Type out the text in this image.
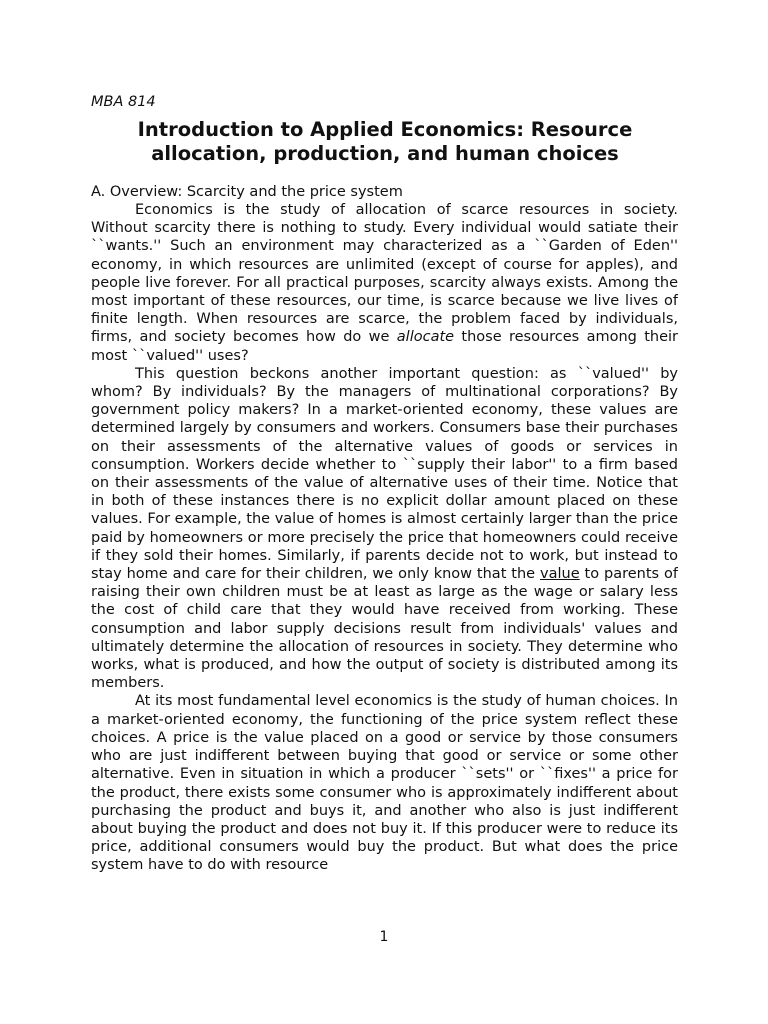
MBA 814

Introduction to Applied Economics: Resource allocation, production, and human choices

A. Overview: Scarcity and the price system

Economics is the study of allocation of scarce resources in society. Without scarcity there is nothing to study. Every individual would satiate their ``wants.'' Such an environment may characterized as a ``Garden of Eden'' economy, in which resources are unlimited (except of course for apples), and people live forever. For all practical purposes, scarcity always exists. Among the most important of these resources, our time, is scarce because we live lives of finite length. When resources are scarce, the problem faced by individuals, firms, and society becomes how do we allocate those resources among their most ``valued'' uses?

This question beckons another important question: as ``valued'' by whom? By individuals? By the managers of multinational corporations? By government policy makers? In a market-oriented economy, these values are determined largely by consumers and workers. Consumers base their purchases on their assessments of the alternative values of goods or services in consumption. Workers decide whether to ``supply their labor'' to a firm based on their assessments of the value of alternative uses of their time. Notice that in both of these instances there is no explicit dollar amount placed on these values. For example, the value of homes is almost certainly larger than the price paid by homeowners or more precisely the price that homeowners could receive if they sold their homes. Similarly, if parents decide not to work, but instead to stay home and care for their children, we only know that the value to parents of raising their own children must be at least as large as the wage or salary less the cost of child care that they would have received from working. These consumption and labor supply decisions result from individuals' values and ultimately determine the allocation of resources in society. They determine who works, what is produced, and how the output of society is distributed among its members.

At its most fundamental level economics is the study of human choices. In a market-oriented economy, the functioning of the price system reflect these choices. A price is the value placed on a good or service by those consumers who are just indifferent between buying that good or service or some other alternative. Even in situation in which a producer ``sets'' or ``fixes'' a price for the product, there exists some consumer who is approximately indifferent about purchasing the product and buys it, and another who also is just indifferent about buying the product and does not buy it. If this producer were to reduce its price, additional consumers would buy the product. But what does the price system have to do with resource

1
